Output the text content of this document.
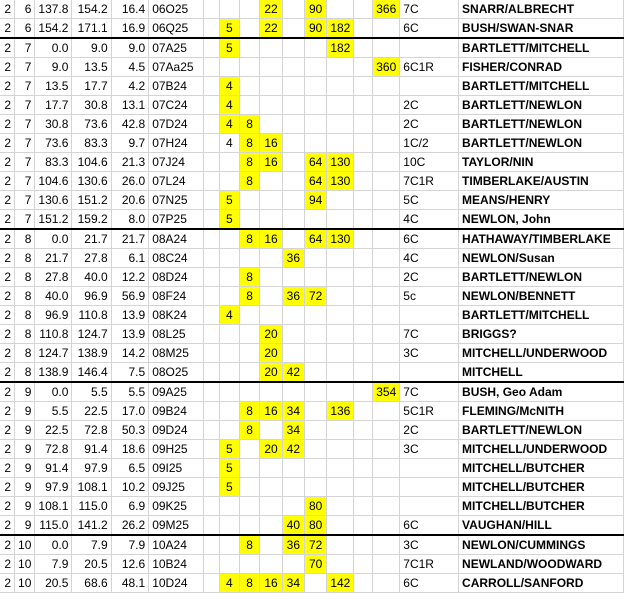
2	6	137.8	154.2	16.4	06O25				22		90			366	7C	SNARR/ALBRECHT
2	6	154.2	171.1	16.9	06Q25		5		22		90	182			6C	BUSH/SWAN-SNAR
2	7	0.0	9.0	9.0	07A25		5					182				BARTLETT/MITCHELL
2	7	9.0	13.5	4.5	07Aa25									360	6C1R	FISHER/CONRAD
2	7	13.5	17.7	4.2	07B24		4									BARTLETT/MITCHELL
2	7	17.7	30.8	13.1	07C24		4								2C	BARTLETT/NEWLON
2	7	30.8	73.6	42.8	07D24		4	8							2C	BARTLETT/NEWLON
2	7	73.6	83.3	9.7	07H24		4	8	16						1C/2	BARTLETT/NEWLON
2	7	83.3	104.6	21.3	07J24			8	16		64	130			10C	TAYLOR/NIN
2	7	104.6	130.6	26.0	07L24			8			64	130			7C1R	TIMBERLAKE/AUSTIN
2	7	130.6	151.2	20.6	07N25		5				94				5C	MEANS/HENRY
2	7	151.2	159.2	8.0	07P25		5								4C	NEWLON, John
2	8	0.0	21.7	21.7	08A24			8	16		64	130			6C	HATHAWAY/TIMBERLAKE
2	8	21.7	27.8	6.1	08C24					36					4C	NEWLON/Susan
2	8	27.8	40.0	12.2	08D24			8							2C	BARTLETT/NEWLON
2	8	40.0	96.9	56.9	08F24			8		36	72				5c	NEWLON/BENNETT
2	8	96.9	110.8	13.9	08K24		4									BARTLETT/MITCHELL
2	8	110.8	124.7	13.9	08L25				20						7C	BRIGGS?
2	8	124.7	138.9	14.2	08M25				20						3C	MITCHELL/UNDERWOOD
2	8	138.9	146.4	7.5	08O25				20	42						MITCHELL
2	9	0.0	5.5	5.5	09A25									354	7C	BUSH, Geo Adam
2	9	5.5	22.5	17.0	09B24			8	16	34		136			5C1R	FLEMING/McNITH
2	9	22.5	72.8	50.3	09D24			8		34					2C	BARTLETT/NEWLON
2	9	72.8	91.4	18.6	09H25		5		20	42					3C	MITCHELL/UNDERWOOD
2	9	91.4	97.9	6.5	09I25		5									MITCHELL/BUTCHER
2	9	97.9	108.1	10.2	09J25		5									MITCHELL/BUTCHER
2	9	108.1	115.0	6.9	09K25						80					MITCHELL/BUTCHER
2	9	115.0	141.2	26.2	09M25					40	80				6C	VAUGHAN/HILL
2	10	0.0	7.9	7.9	10A24			8		36	72				3C	NEWLON/CUMMINGS
2	10	7.9	20.5	12.6	10B24						70				7C1R	NEWLAND/WOODWARD
2	10	20.5	68.6	48.1	10D24		4	8	16	34		142			6C	CARROLL/SANFORD
